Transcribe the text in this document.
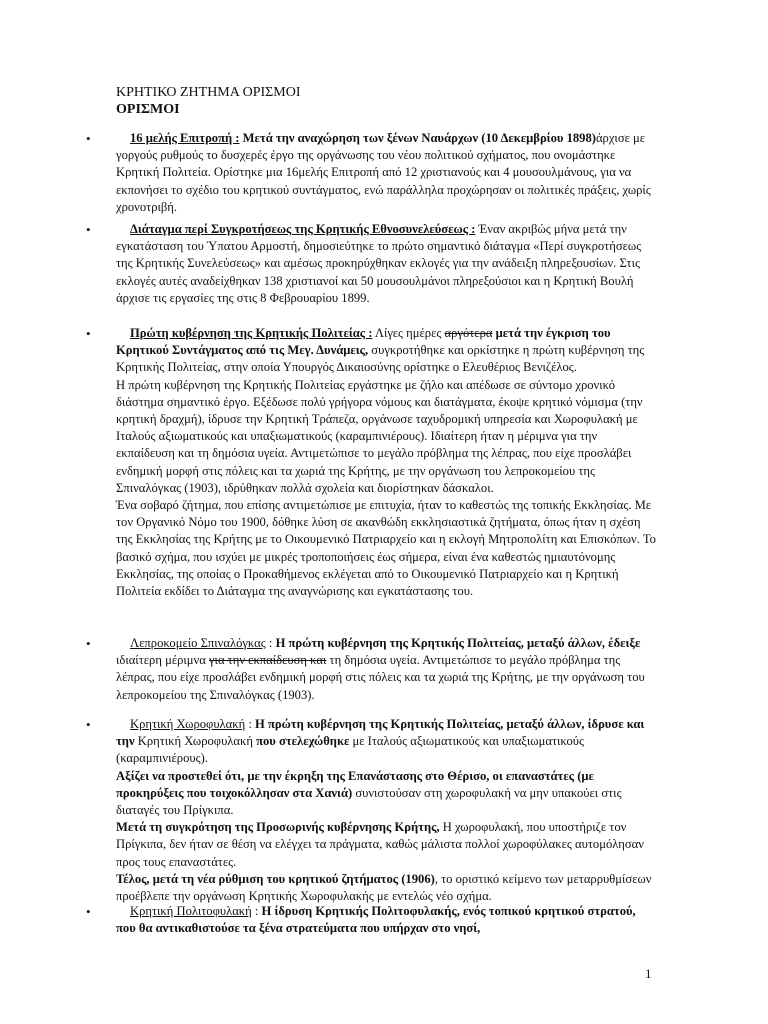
ΚΡΗΤΙΚΟ ΖΗΤΗΜΑ ΟΡΙΣΜΟΙ
ΟΡΙΣΜΟΙ
•	16 μελής Επιτροπή : Μετά την αναχώρηση των ξένων Ναυάρχων (10 Δεκεμβρίου 1898)άρχισε με γοργούς ρυθμούς το δυσχερές έργο της οργάνωσης του νέου πολιτικού σχήματος, που ονομάστηκε Κρητική Πολιτεία. Ορίστηκε μια 16μελής Επιτροπή από 12 χριστιανούς και 4 μουσουλμάνους, για να εκπονήσει το σχέδιο του κρητικού συντάγματος, ενώ παράλληλα προχώρησαν οι πολιτικές πράξεις, χωρίς χρονοτριβή.

•	Διάταγμα περί Συγκροτήσεως της Κρητικής Εθνοσυνελεύσεως : Έναν ακριβώς μήνα μετά την εγκατάσταση του Ύπατου Αρμοστή, δημοσιεύτηκε το πρώτο σημαντικό διάταγμα «Περί συγκροτήσεως της Κρητικής Συνελεύσεως» και αμέσως προκηρύχθηκαν εκλογές για την ανάδειξη πληρεξουσίων. Στις εκλογές αυτές αναδείχθηκαν 138 χριστιανοί και 50 μουσουλμάνοι πληρεξούσιοι και η Κρητική Βουλή άρχισε τις εργασίες της στις 8 Φεβρουαρίου 1899.

•	Πρώτη κυβέρνηση της Κρητικής Πολιτείας : Λίγες ημέρες αργότερα μετά την έγκριση του Κρητικού Συντάγματος από τις Μεγ. Δυνάμεις, συγκροτήθηκε και ορκίστηκε η πρώτη κυβέρνηση της Κρητικής Πολιτείας, στην οποία Υπουργός Δικαιοσύνης ορίστηκε ο Ελευθέριος Βενιζέλος.

Η πρώτη κυβέρνηση της Κρητικής Πολιτείας εργάστηκε με ζήλο και απέδωσε σε σύντομο χρονικό διάστημα σημαντικό έργο. Εξέδωσε πολύ γρήγορα νόμους και διατάγματα, έκοψε κρητικό νόμισμα (την κρητική δραχμή), ίδρυσε την Κρητική Τράπεζα, οργάνωσε ταχυδρομική υπηρεσία και Χωροφυλακή με Ιταλούς αξιωματικούς και υπαξιωματικούς (καραμπινιέρους). Ιδιαίτερη ήταν η μέριμνα για την εκπαίδευση και τη δημόσια υγεία. Αντιμετώπισε το μεγάλο πρόβλημα της λέπρας, που είχε προσλάβει ενδημική μορφή στις πόλεις και τα χωριά της Κρήτης, με την οργάνωση του λεπροκομείου της Σπιναλόγκας (1903), ιδρύθηκαν πολλά σχολεία και διορίστηκαν δάσκαλοι.

Ένα σοβαρό ζήτημα, που επίσης αντιμετώπισε με επιτυχία, ήταν το καθεστώς της τοπικής Εκκλησίας. Με τον Οργανικό Νόμο του 1900, δόθηκε λύση σε ακανθώδη εκκλησιαστικά ζητήματα, όπως ήταν η σχέση της Εκκλησίας της Κρήτης με το Οικουμενικό Πατριαρχείο και η εκλογή Μητροπολίτη και Επισκόπων. Το βασικό σχήμα, που ισχύει με μικρές τροποποιήσεις έως σήμερα, είναι ένα καθεστώς ημιαυτόνομης Εκκλησίας, της οποίας ο Προκαθήμενος εκλέγεται από το Οικουμενικό Πατριαρχείο και η Κρητική Πολιτεία εκδίδει το Διάταγμα της αναγνώρισης και εγκατάστασης του.

•	Λεπροκομείο Σπιναλόγκας : Η πρώτη κυβέρνηση της Κρητικής Πολιτείας, μεταξύ άλλων, έδειξε ιδιαίτερη μέριμνα για την εκπαίδευση και τη δημόσια υγεία. Αντιμετώπισε το μεγάλο πρόβλημα της λέπρας, που είχε προσλάβει ενδημική μορφή στις πόλεις και τα χωριά της Κρήτης, με την οργάνωση του λεπροκομείου της Σπιναλόγκας (1903).

•	Κρητική Χωροφυλακή : Η πρώτη κυβέρνηση της Κρητικής Πολιτείας, μεταξύ άλλων, ίδρυσε και την Κρητική Χωροφυλακή που στελεχώθηκε με Ιταλούς αξιωματικούς και υπαξιωματικούς (καραμπινιέρους).

Αξίζει να προστεθεί ότι, με την έκρηξη της Επανάστασης στο Θέρισο, οι επαναστάτες (με προκηρύξεις που τοιχοκόλλησαν στα Χανιά) συνιστούσαν στη χωροφυλακή να μην υπακούει στις διαταγές του Πρίγκιπα.

Μετά τη συγκρότηση της Προσωρινής κυβέρνησης Κρήτης, Η χωροφυλακή, που υποστήριζε τον Πρίγκιπα, δεν ήταν σε θέση να ελέγχει τα πράγματα, καθώς μάλιστα πολλοί χωροφύλακες αυτομόλησαν προς τους επαναστάτες.

Τέλος, μετά τη νέα ρύθμιση του κρητικού ζητήματος (1906), το οριστικό κείμενο των μεταρρυθμίσεων προέβλεπε την οργάνωση Κρητικής Χωροφυλακής με εντελώς νέο σχήμα.

•	Κρητική Πολιτοφυλακή : Η ίδρυση Κρητικής Πολιτοφυλακής, ενός τοπικού κρητικού στρατού, που θα αντικαθιστούσε τα ξένα στρατεύματα που υπήρχαν στο νησί,

1
